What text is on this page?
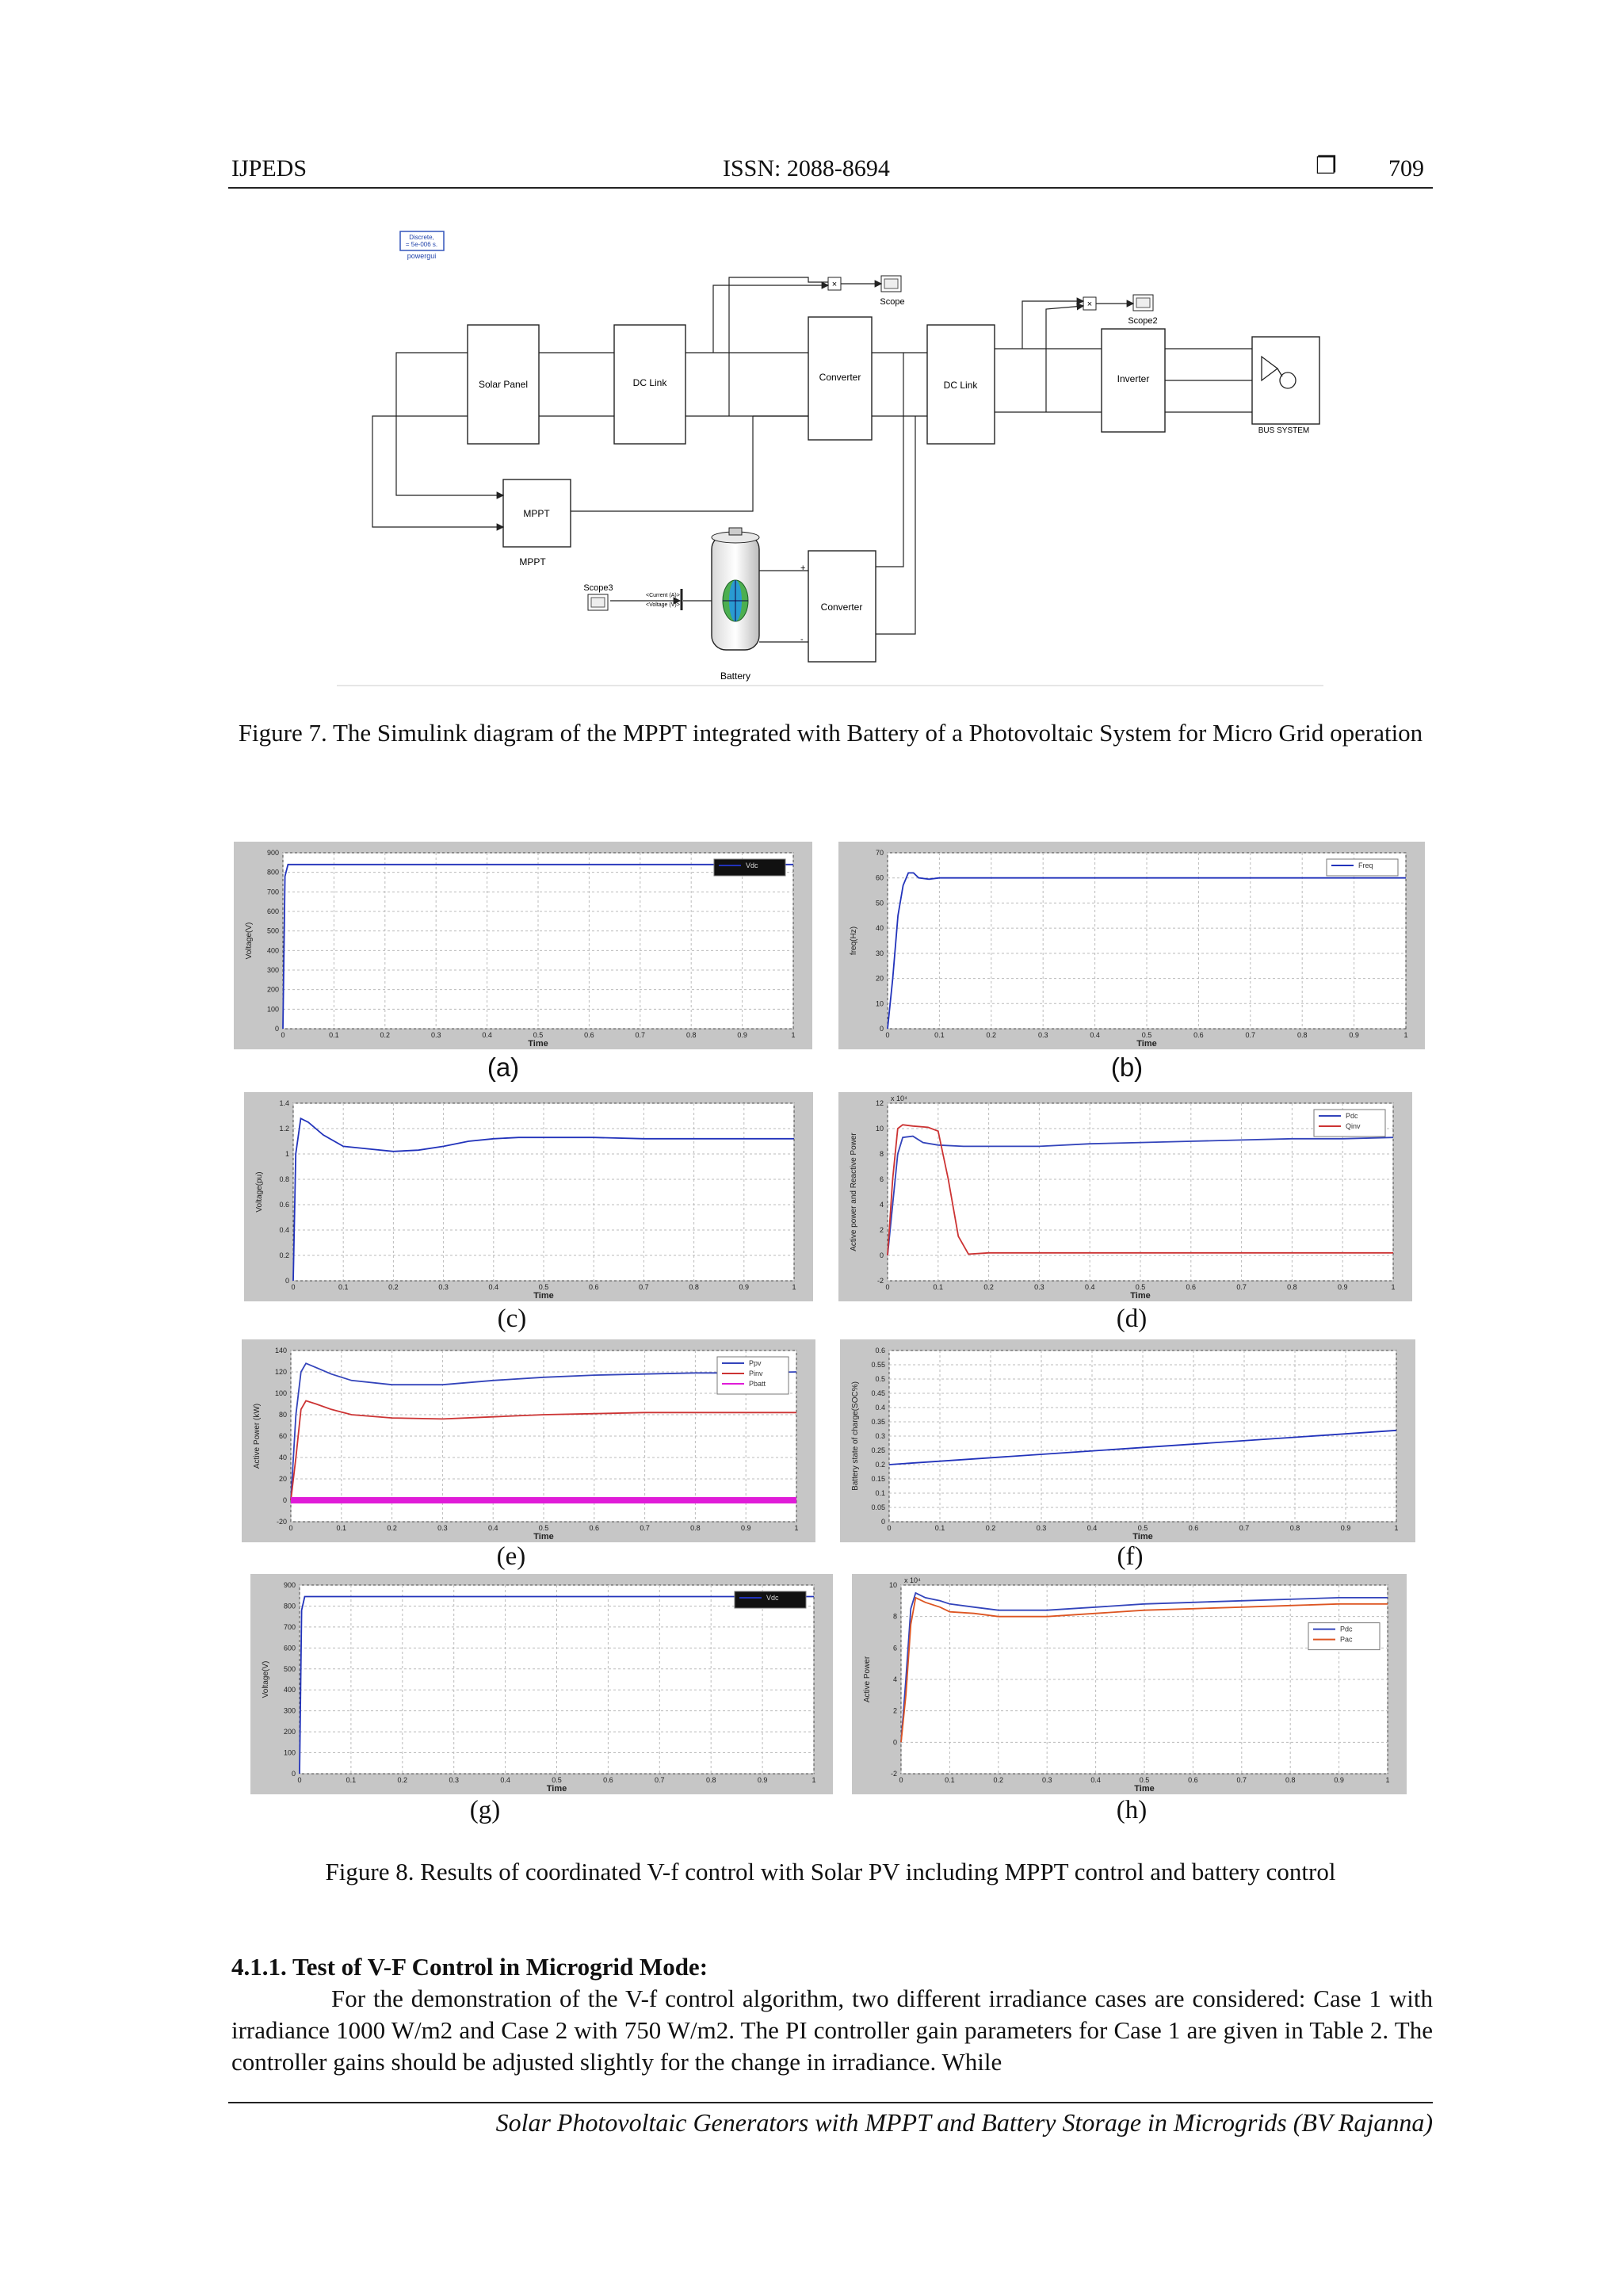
IJPEDS	ISSN: 2088-8694	❐ 709
Discrete, = 5e-006 s.
powergui
Solar Panel	DC Link	Converter
DC Link
Inverter
BUS SYSTEM
MPPT
MPPT
Converter
Scope
Scope2
Scope3
×
×
Battery
<Current (A)>
<Voltage (V)>
+
-
Figure 7. The Simulink diagram of the MPPT integrated with Battery of a Photovoltaic System for Micro Grid operation
0	0.1	0.2	0.3	0.4	0.5	0.6	0.7	0.8	0.9	1
0
100
200
300
400
500
600
700
800
900
Time
Voltage(V)
Vdc
0	0.1	0.2	0.3	0.4	0.5	0.6	0.7	0.8	0.9	1
0
10
20
30
40
50
60
70
Time
freq(Hz)
Freq
0	0.1	0.2	0.3	0.4	0.5	0.6	0.7	0.8	0.9	1
0
0.2
0.4
0.6
0.8
1
1.2
1.4
Time
Voltage(pu)
0	0.1	0.2	0.3	0.4	0.5	0.6	0.7	0.8	0.9	1
-2
0
2
4
6
8
10
12
Time
Active power and Reactive Power
x 10⁴
Pdc
Qinv
0	0.1	0.2	0.3	0.4	0.5	0.6	0.7	0.8	0.9	1
-20
0
20
40
60
80
100
120
140
Time
Active Power (kW)
Ppv
Pinv
Pbatt
0	0.1	0.2	0.3	0.4	0.5	0.6	0.7	0.8	0.9	1
0
0.05
0.1
0.15
0.2
0.25
0.3
0.35
0.4
0.45
0.5
0.55
0.6
Time
Battery state of charge(SOC%)
0	0.1	0.2	0.3	0.4	0.5	0.6	0.7	0.8	0.9	1
0
100
200
300
400
500
600
700
800
900
Time
Voltage(V)
Vdc
0	0.1	0.2	0.3	0.4	0.5	0.6	0.7	0.8	0.9	1
-2
0
2
4
6
8
10
Time
Active Power
x 10⁴
Pdc
Pac
(a)	(b)
(c)	(d)
(e)	(f)
(g)	(h)
Figure 8. Results of coordinated V-f control with Solar PV including MPPT control and battery control
4.1.1. Test of V-F Control in Microgrid Mode:

For the demonstration of the V-f control algorithm, two different irradiance cases are considered: Case 1 with irradiance 1000 W/m2 and Case 2 with 750 W/m2. The PI controller gain parameters for Case 1 are given in Table 2. The controller gains should be adjusted slightly for the change in irradiance. While

Solar Photovoltaic Generators with MPPT and Battery Storage in Microgrids (BV Rajanna)
